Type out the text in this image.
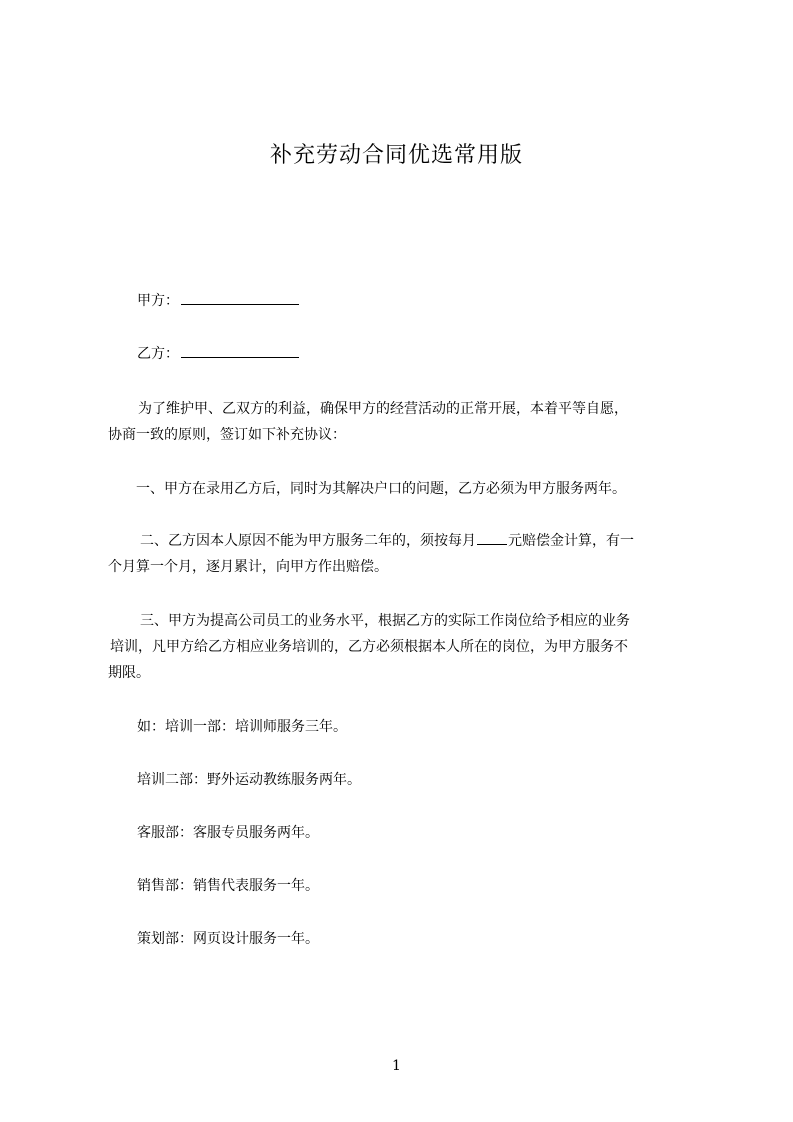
补充劳动合同优选常用版
甲方：
乙方：
为了维护甲、乙双方的利益，确保甲方的经营活动的正常开展，本着平等自愿，
协商一致的原则，签订如下补充协议：
一、甲方在录用乙方后，同时为其解决户口的问题，乙方必须为甲方服务两年。
二、乙方因本人原因不能为甲方服务二年的，须按每月 元赔偿金计算，有一
个月算一个月，逐月累计，向甲方作出赔偿。
三、甲方为提高公司员工的业务水平，根据乙方的实际工作岗位给予相应的业务
培训，凡甲方给乙方相应业务培训的，乙方必须根据本人所在的岗位，为甲方服务不
期限。
如：培训一部：培训师服务三年。
培训二部：野外运动教练服务两年。
客服部：客服专员服务两年。
销售部：销售代表服务一年。
策划部：网页设计服务一年。
1
